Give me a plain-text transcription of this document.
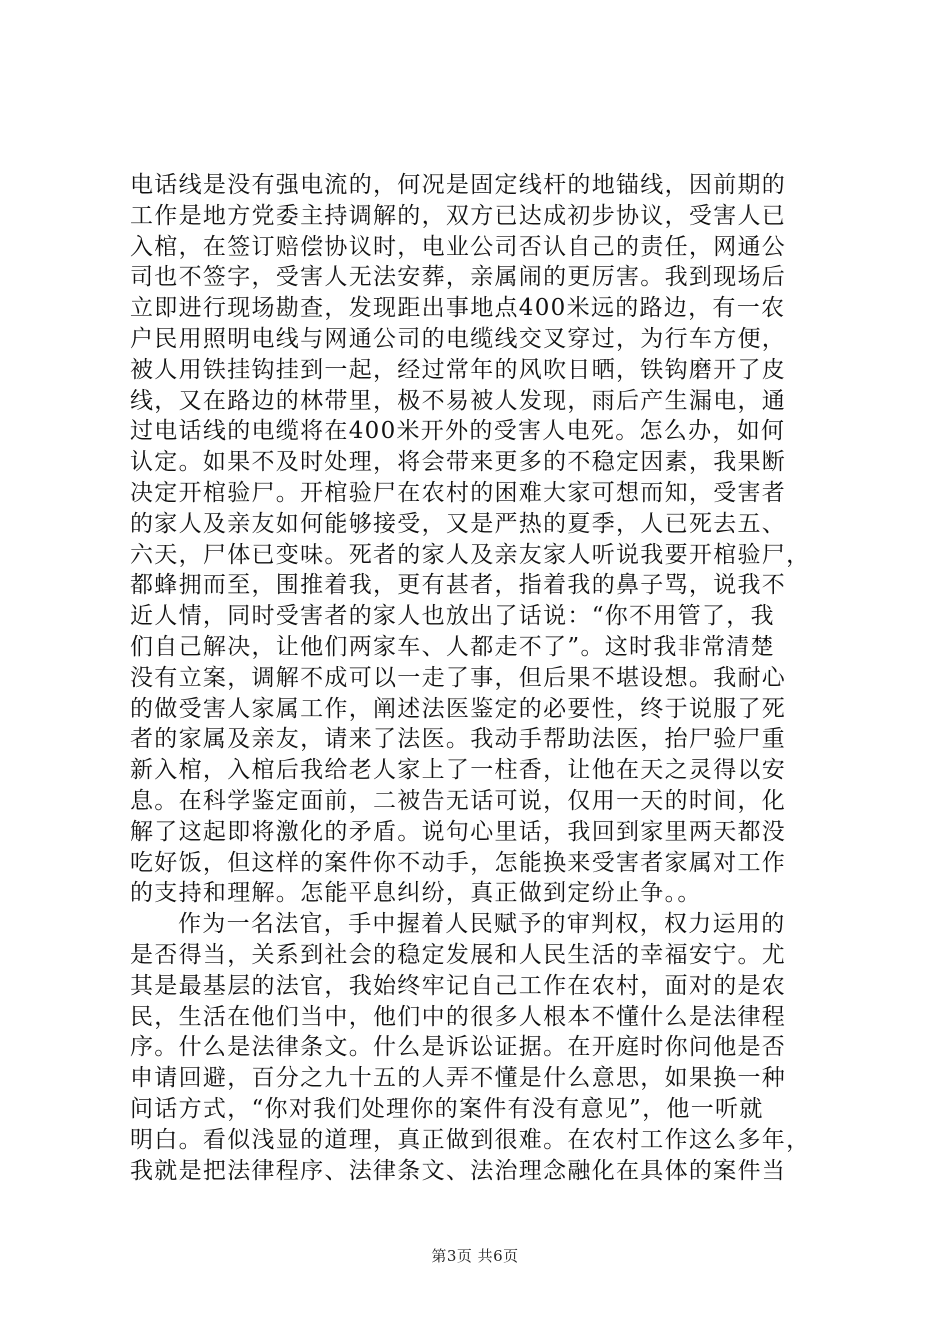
电话线是没有强电流的，何况是固定线杆的地锚线，因前期的
工作是地方党委主持调解的，双方已达成初步协议，受害人已
入棺，在签订赔偿协议时，电业公司否认自己的责任，网通公
司也不签字，受害人无法安葬，亲属闹的更厉害。我到现场后
立即进行现场勘查，发现距出事地点400米远的路边，有一农
户民用照明电线与网通公司的电缆线交叉穿过，为行车方便，
被人用铁挂钩挂到一起，经过常年的风吹日晒，铁钩磨开了皮
线，又在路边的林带里，极不易被人发现，雨后产生漏电，通
过电话线的电缆将在400米开外的受害人电死。怎么办，如何
认定。如果不及时处理，将会带来更多的不稳定因素，我果断
决定开棺验尸。开棺验尸在农村的困难大家可想而知，受害者
的家人及亲友如何能够接受，又是严热的夏季，人已死去五、
六天，尸体已变味。死者的家人及亲友家人听说我要开棺验尸，
都蜂拥而至，围推着我，更有甚者，指着我的鼻子骂，说我不
近人情，同时受害者的家人也放出了话说：“你不用管了，我
们自己解决，让他们两家车、人都走不了”。这时我非常清楚
没有立案，调解不成可以一走了事，但后果不堪设想。我耐心
的做受害人家属工作，阐述法医鉴定的必要性，终于说服了死
者的家属及亲友，请来了法医。我动手帮助法医，抬尸验尸重
新入棺，入棺后我给老人家上了一柱香，让他在天之灵得以安
息。在科学鉴定面前，二被告无话可说，仅用一天的时间，化
解了这起即将激化的矛盾。说句心里话，我回到家里两天都没
吃好饭，但这样的案件你不动手，怎能换来受害者家属对工作
的支持和理解。怎能平息纠纷，真正做到定纷止争。。
作为一名法官，手中握着人民赋予的审判权，权力运用的
是否得当，关系到社会的稳定发展和人民生活的幸福安宁。尤
其是最基层的法官，我始终牢记自己工作在农村，面对的是农
民，生活在他们当中，他们中的很多人根本不懂什么是法律程
序。什么是法律条文。什么是诉讼证据。在开庭时你问他是否
申请回避，百分之九十五的人弄不懂是什么意思，如果换一种
问话方式，“你对我们处理你的案件有没有意见”，他一听就
明白。看似浅显的道理，真正做到很难。在农村工作这么多年，
我就是把法律程序、法律条文、法治理念融化在具体的案件当
第3页 共6页
